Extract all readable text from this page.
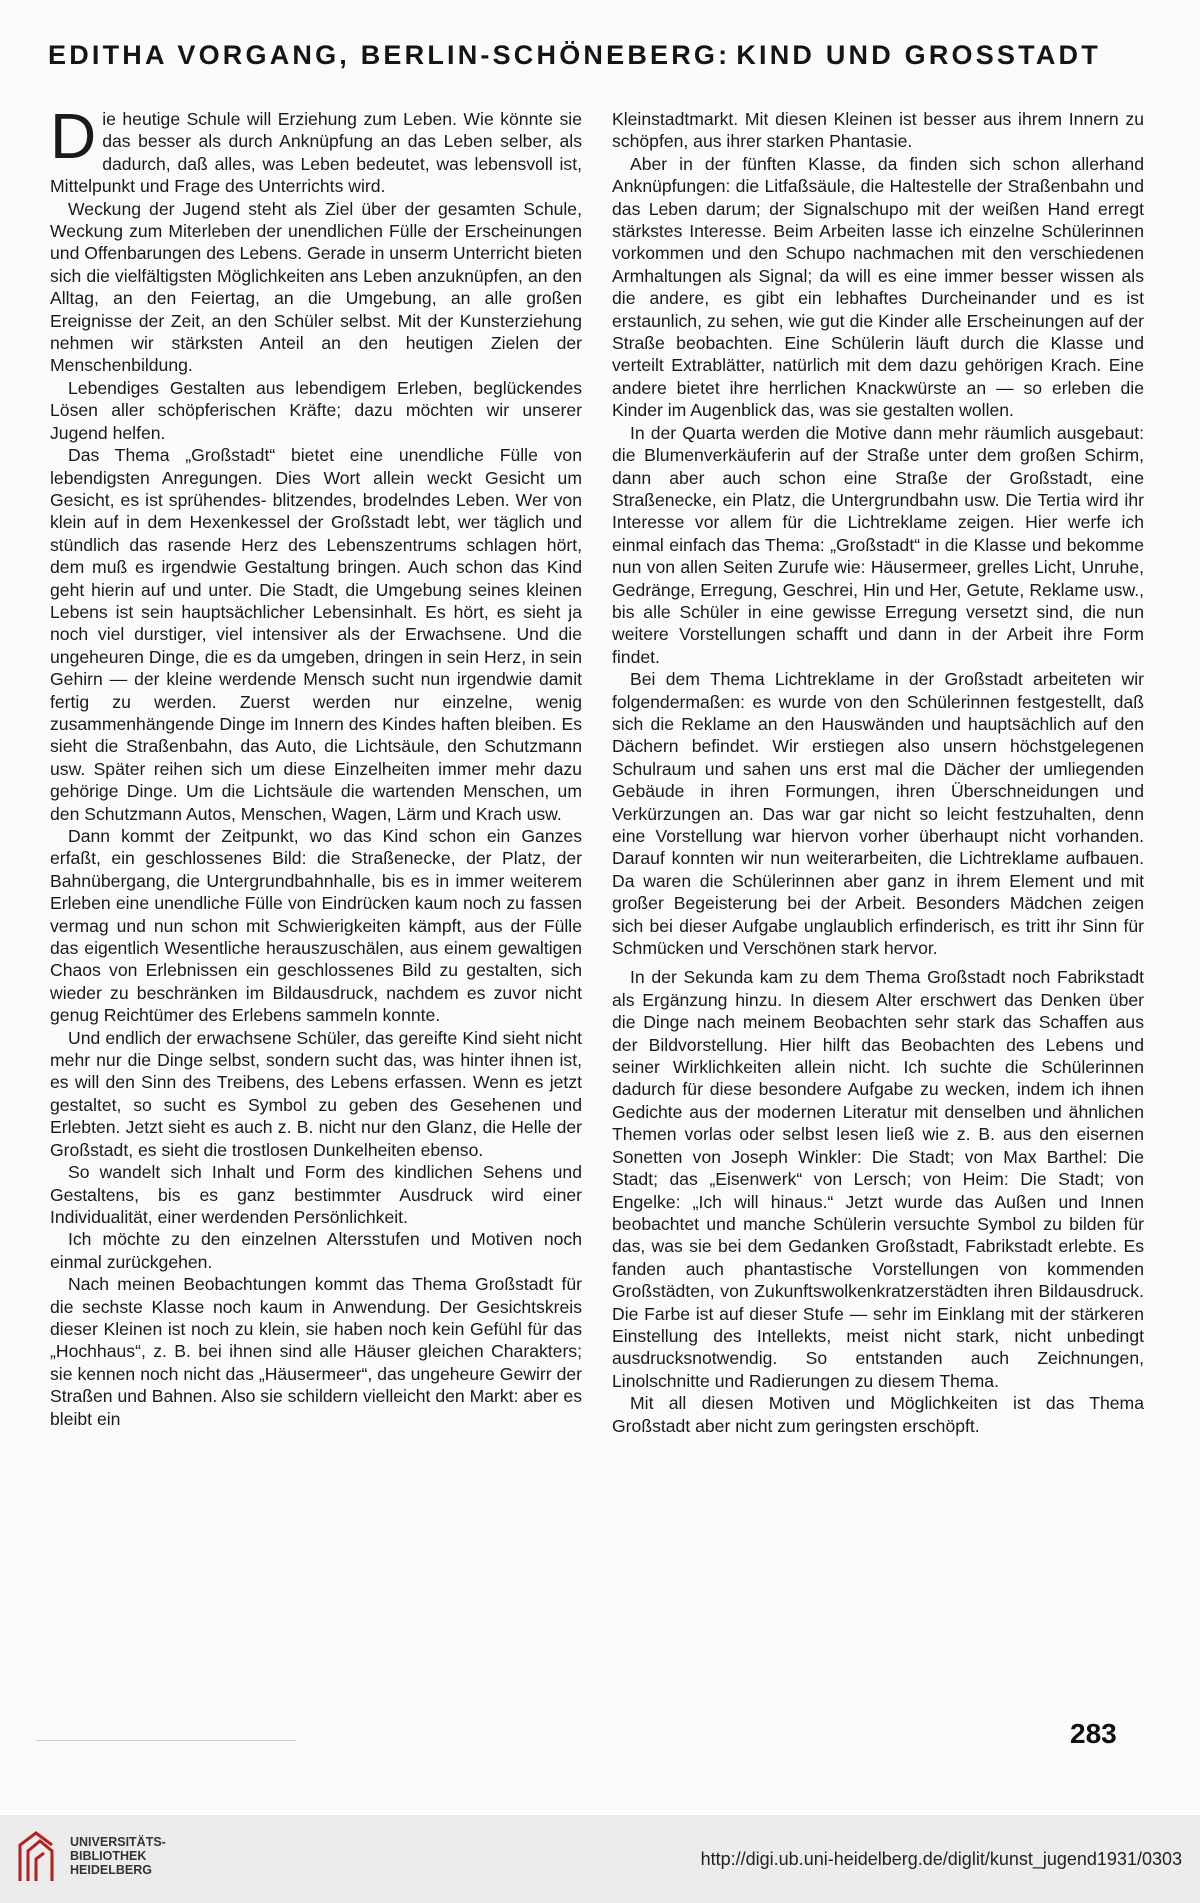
EDITHA VORGANG, BERLIN-SCHÖNEBERG: KIND UND GROSSTADT

Die heutige Schule will Erziehung zum Leben. Wie könnte sie das besser als durch Anknüpfung an das Leben selber, als dadurch, daß alles, was Leben bedeutet, was lebensvoll ist, Mittelpunkt und Frage des Unterrichts wird.

Weckung der Jugend steht als Ziel über der gesamten Schule, Weckung zum Miterleben der unendlichen Fülle der Erscheinungen und Offenbarungen des Lebens. Gerade in unserm Unterricht bieten sich die vielfältigsten Möglichkeiten ans Leben anzuknüpfen, an den Alltag, an den Feiertag, an die Umgebung, an alle großen Ereignisse der Zeit, an den Schüler selbst. Mit der Kunsterziehung nehmen wir stärksten Anteil an den heutigen Zielen der Menschenbildung.

Lebendiges Gestalten aus lebendigem Erleben, beglückendes Lösen aller schöpferischen Kräfte; dazu möchten wir unserer Jugend helfen.

Das Thema „Großstadt“ bietet eine unendliche Fülle von lebendigsten Anregungen. Dies Wort allein weckt Gesicht um Gesicht, es ist sprühendes- blitzendes, brodelndes Leben. Wer von klein auf in dem Hexenkessel der Großstadt lebt, wer täglich und stündlich das rasende Herz des Lebenszentrums schlagen hört, dem muß es irgendwie Gestaltung bringen. Auch schon das Kind geht hierin auf und unter. Die Stadt, die Umgebung seines kleinen Lebens ist sein hauptsächlicher Lebensinhalt. Es hört, es sieht ja noch viel durstiger, viel intensiver als der Erwachsene. Und die ungeheuren Dinge, die es da umgeben, dringen in sein Herz, in sein Gehirn — der kleine werdende Mensch sucht nun irgendwie damit fertig zu werden. Zuerst werden nur einzelne, wenig zusammenhängende Dinge im Innern des Kindes haften bleiben. Es sieht die Straßenbahn, das Auto, die Lichtsäule, den Schutzmann usw. Später reihen sich um diese Einzelheiten immer mehr dazu gehörige Dinge. Um die Lichtsäule die wartenden Menschen, um den Schutzmann Autos, Menschen, Wagen, Lärm und Krach usw.

Dann kommt der Zeitpunkt, wo das Kind schon ein Ganzes erfaßt, ein geschlossenes Bild: die Straßenecke, der Platz, der Bahnübergang, die Untergrundbahnhalle, bis es in immer weiterem Erleben eine unendliche Fülle von Eindrücken kaum noch zu fassen vermag und nun schon mit Schwierigkeiten kämpft, aus der Fülle das eigentlich Wesentliche herauszuschälen, aus einem gewaltigen Chaos von Erlebnissen ein geschlossenes Bild zu gestalten, sich wieder zu beschränken im Bildausdruck, nachdem es zuvor nicht genug Reichtümer des Erlebens sammeln konnte.

Und endlich der erwachsene Schüler, das gereifte Kind sieht nicht mehr nur die Dinge selbst, sondern sucht das, was hinter ihnen ist, es will den Sinn des Treibens, des Lebens erfassen. Wenn es jetzt gestaltet, so sucht es Symbol zu geben des Gesehenen und Erlebten. Jetzt sieht es auch z. B. nicht nur den Glanz, die Helle der Großstadt, es sieht die trostlosen Dunkelheiten ebenso.

So wandelt sich Inhalt und Form des kindlichen Sehens und Gestaltens, bis es ganz bestimmter Ausdruck wird einer Individualität, einer werdenden Persönlichkeit.

Ich möchte zu den einzelnen Altersstufen und Motiven noch einmal zurückgehen.

Nach meinen Beobachtungen kommt das Thema Großstadt für die sechste Klasse noch kaum in Anwendung. Der Gesichtskreis dieser Kleinen ist noch zu klein, sie haben noch kein Gefühl für das „Hochhaus“, z. B. bei ihnen sind alle Häuser gleichen Charakters; sie kennen noch nicht das „Häusermeer“, das ungeheure Gewirr der Straßen und Bahnen. Also sie schildern vielleicht den Markt: aber es bleibt ein

Kleinstadtmarkt. Mit diesen Kleinen ist besser aus ihrem Innern zu schöpfen, aus ihrer starken Phantasie.

Aber in der fünften Klasse, da finden sich schon allerhand Anknüpfungen: die Litfaßsäule, die Haltestelle der Straßenbahn und das Leben darum; der Signalschupo mit der weißen Hand erregt stärkstes Interesse. Beim Arbeiten lasse ich einzelne Schülerinnen vorkommen und den Schupo nachmachen mit den verschiedenen Armhaltungen als Signal; da will es eine immer besser wissen als die andere, es gibt ein lebhaftes Durcheinander und es ist erstaunlich, zu sehen, wie gut die Kinder alle Erscheinungen auf der Straße beobachten. Eine Schülerin läuft durch die Klasse und verteilt Extrablätter, natürlich mit dem dazu gehörigen Krach. Eine andere bietet ihre herrlichen Knackwürste an — so erleben die Kinder im Augenblick das, was sie gestalten wollen.

In der Quarta werden die Motive dann mehr räumlich ausgebaut: die Blumenverkäuferin auf der Straße unter dem großen Schirm, dann aber auch schon eine Straße der Großstadt, eine Straßenecke, ein Platz, die Untergrundbahn usw. Die Tertia wird ihr Interesse vor allem für die Lichtreklame zeigen. Hier werfe ich einmal einfach das Thema: „Großstadt“ in die Klasse und bekomme nun von allen Seiten Zurufe wie: Häusermeer, grelles Licht, Unruhe, Gedränge, Erregung, Geschrei, Hin und Her, Getute, Reklame usw., bis alle Schüler in eine gewisse Erregung versetzt sind, die nun weitere Vorstellungen schafft und dann in der Arbeit ihre Form findet.

Bei dem Thema Lichtreklame in der Großstadt arbeiteten wir folgendermaßen: es wurde von den Schülerinnen festgestellt, daß sich die Reklame an den Hauswänden und hauptsächlich auf den Dächern befindet. Wir erstiegen also unsern höchstgelegenen Schulraum und sahen uns erst mal die Dächer der umliegenden Gebäude in ihren Formungen, ihren Überschneidungen und Verkürzungen an. Das war gar nicht so leicht festzuhalten, denn eine Vorstellung war hiervon vorher überhaupt nicht vorhanden. Darauf konnten wir nun weiterarbeiten, die Lichtreklame aufbauen. Da waren die Schülerinnen aber ganz in ihrem Element und mit großer Begeisterung bei der Arbeit. Besonders Mädchen zeigen sich bei dieser Aufgabe unglaublich erfinderisch, es tritt ihr Sinn für Schmücken und Verschönen stark hervor.

In der Sekunda kam zu dem Thema Großstadt noch Fabrikstadt als Ergänzung hinzu. In diesem Alter erschwert das Denken über die Dinge nach meinem Beobachten sehr stark das Schaffen aus der Bildvorstellung. Hier hilft das Beobachten des Lebens und seiner Wirklichkeiten allein nicht. Ich suchte die Schülerinnen dadurch für diese besondere Aufgabe zu wecken, indem ich ihnen Gedichte aus der modernen Literatur mit denselben und ähnlichen Themen vorlas oder selbst lesen ließ wie z. B. aus den eisernen Sonetten von Joseph Winkler: Die Stadt; von Max Barthel: Die Stadt; das „Eisenwerk“ von Lersch; von Heim: Die Stadt; von Engelke: „Ich will hinaus.“ Jetzt wurde das Außen und Innen beobachtet und manche Schülerin versuchte Symbol zu bilden für das, was sie bei dem Gedanken Großstadt, Fabrikstadt erlebte. Es fanden auch phantastische Vorstellungen von kommenden Großstädten, von Zukunftswolkenkratzerstädten ihren Bildausdruck. Die Farbe ist auf dieser Stufe — sehr im Einklang mit der stärkeren Einstellung des Intellekts, meist nicht stark, nicht unbedingt ausdrucksnotwendig. So entstanden auch Zeichnungen, Linolschnitte und Radierungen zu diesem Thema.

Mit all diesen Motiven und Möglichkeiten ist das Thema Großstadt aber nicht zum geringsten erschöpft.

283
UNIVERSITÄTS-
BIBLIOTHEK
HEIDELBERG
http://digi.ub.uni-heidelberg.de/diglit/kunst_jugend1931/0303
